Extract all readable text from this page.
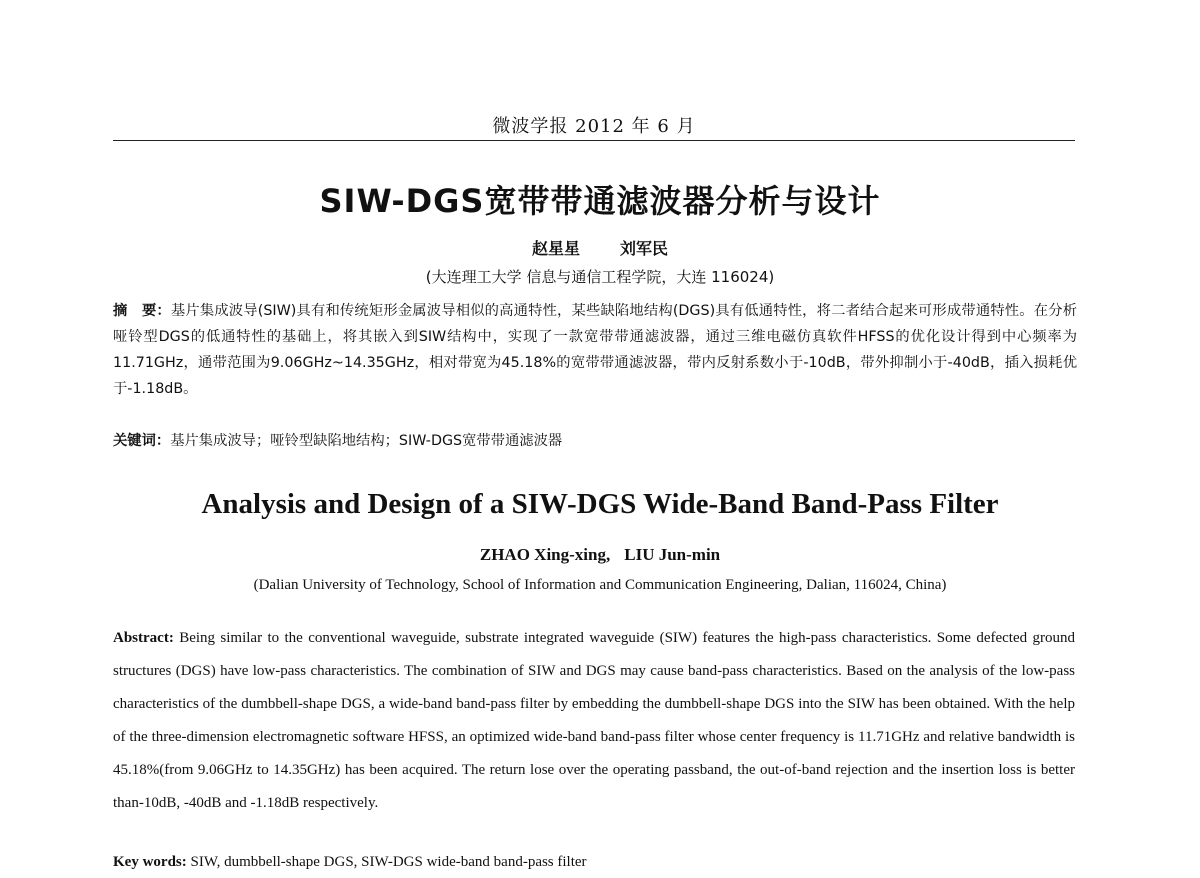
微波学报 2012 年 6 月
SIW-DGS宽带带通滤波器分析与设计
赵星星	刘军民
(大连理工大学 信息与通信工程学院，大连 116024)
摘　要：基片集成波导(SIW)具有和传统矩形金属波导相似的高通特性，某些缺陷地结构(DGS)具有低通特性，将二者结合起来可形成带通特性。在分析哑铃型DGS的低通特性的基础上，将其嵌入到SIW结构中，实现了一款宽带带通滤波器，通过三维电磁仿真软件HFSS的优化设计得到中心频率为11.71GHz，通带范围为9.06GHz~14.35GHz，相对带宽为45.18%的宽带带通滤波器，带内反射系数小于-10dB，带外抑制小于-40dB，插入损耗优于-1.18dB。
关键词：基片集成波导；哑铃型缺陷地结构；SIW-DGS宽带带通滤波器
Analysis and Design of a SIW-DGS Wide-Band Band-Pass Filter
ZHAO Xing-xing, LIU Jun-min
(Dalian University of Technology, School of Information and Communication Engineering, Dalian, 116024, China)
Abstract: Being similar to the conventional waveguide, substrate integrated waveguide (SIW) features the high-pass characteristics. Some defected ground structures (DGS) have low-pass characteristics. The combination of SIW and DGS may cause band-pass characteristics. Based on the analysis of the low-pass characteristics of the dumbbell-shape DGS, a wide-band band-pass filter by embedding the dumbbell-shape DGS into the SIW has been obtained. With the help of the three-dimension electromagnetic software HFSS, an optimized wide-band band-pass filter whose center frequency is 11.71GHz and relative bandwidth is 45.18%(from 9.06GHz to 14.35GHz) has been acquired. The return lose over the operating passband, the out-of-band rejection and the insertion loss is better than-10dB, -40dB and -1.18dB respectively.
Key words: SIW, dumbbell-shape DGS, SIW-DGS wide-band band-pass filter
